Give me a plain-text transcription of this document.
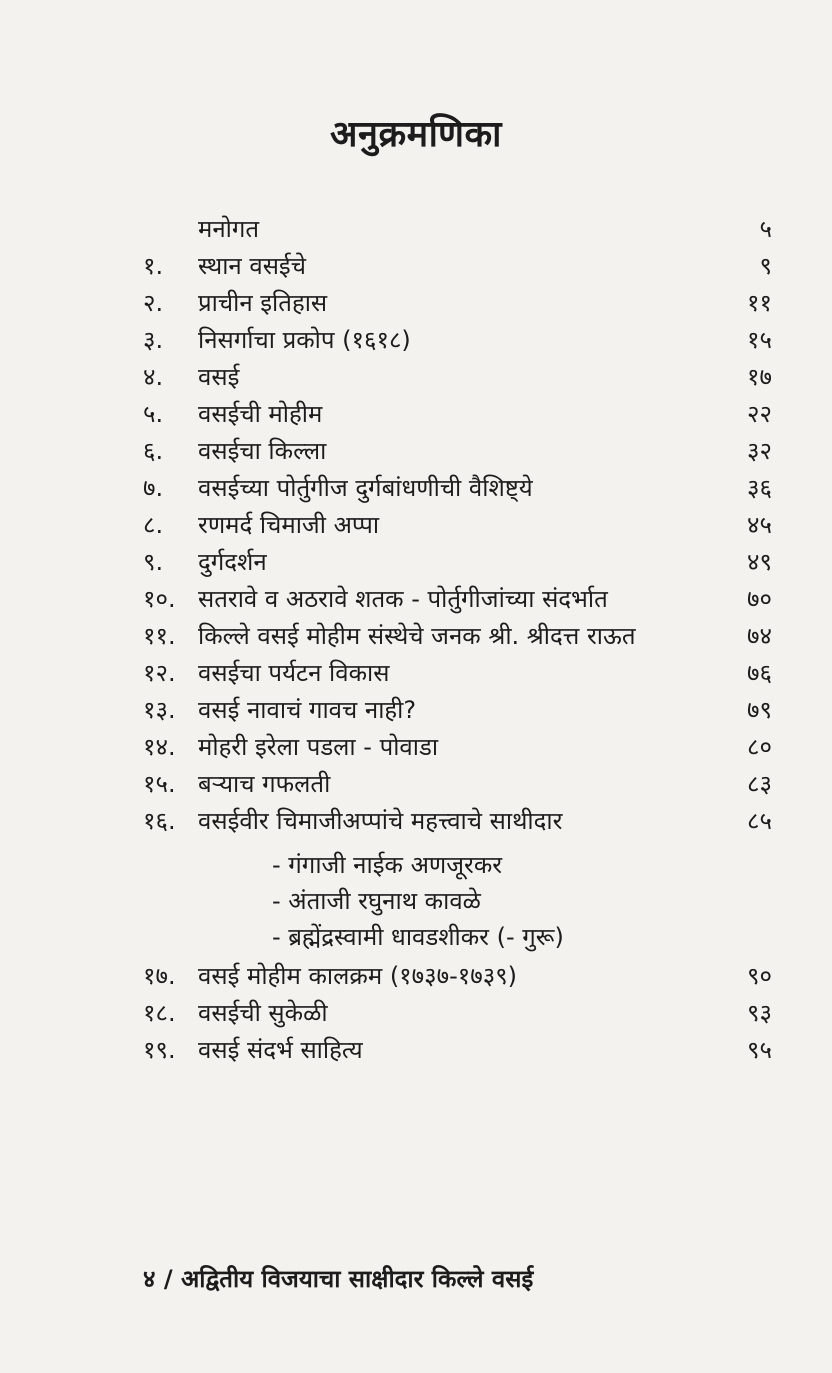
अनुक्रमणिका
मनोगत	५
१.	स्थान वसईचे	९
२.	प्राचीन इतिहास	११
३.	निसर्गाचा प्रकोप (१६१८)	१५
४.	वसई	१७
५.	वसईची मोहीम	२२
६.	वसईचा किल्ला	३२
७.	वसईच्या पोर्तुगीज दुर्गबांधणीची वैशिष्ट्ये	३६
८.	रणमर्द चिमाजी अप्पा	४५
९.	दुर्गदर्शन	४९
१०. सतरावे व अठरावे शतक - पोर्तुगीजांच्या संदर्भात	७०
११. किल्ले वसई मोहीम संस्थेचे जनक श्री. श्रीदत्त राऊत	७४
१२. वसईचा पर्यटन विकास	७६
१३. वसई नावाचं गावच नाही?	७९
१४. मोहरी इरेला पडला - पोवाडा	८०
१५. बऱ्याच गफलती	८३
१६. वसईवीर चिमाजीअप्पांचे महत्त्वाचे साथीदार	८५
- गंगाजी नाईक अणजूरकर
- अंताजी रघुनाथ कावळे
- ब्रह्मेंद्रस्वामी धावडशीकर (- गुरू)
१७. वसई मोहीम कालक्रम (१७३७-१७३९)	९०
१८. वसईची सुकेळी	९३
१९. वसई संदर्भ साहित्य	९५
४ / अद्वितीय विजयाचा साक्षीदार किल्ले वसई
